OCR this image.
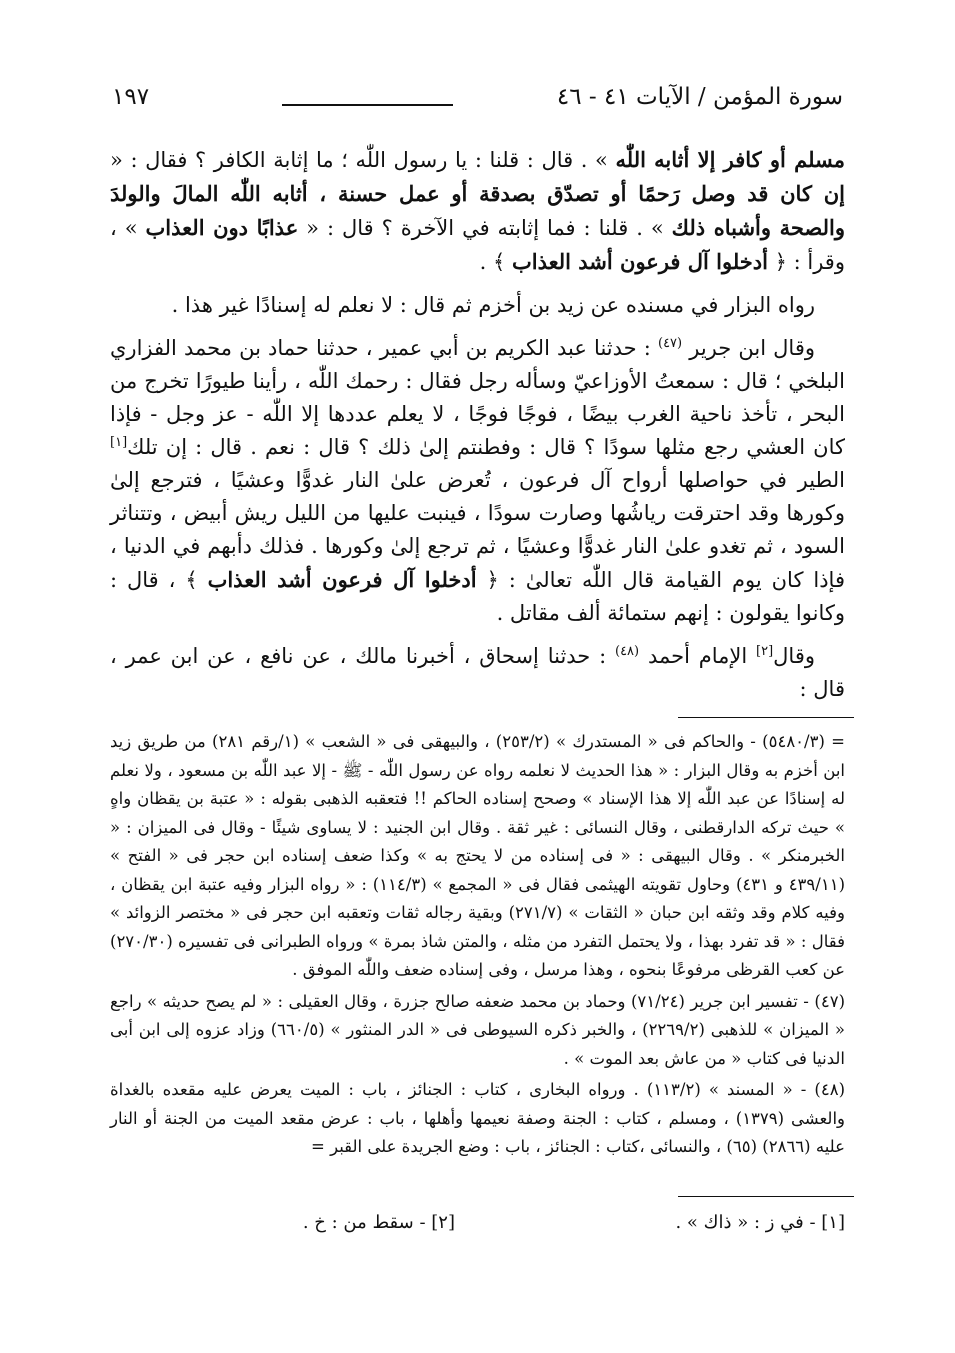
سورة المؤمن / الآيات ٤١ - ٤٦
١٩٧

مسلم أو كافر إلا أثابه اللّٰه » . قال : قلنا : يا رسول اللّٰه ؛ ما إثابة الكافر ؟ فقال : « إن كان قد وصل رَحمًا أو تصدّق بصدقة أو عمل حسنة ، أثابه اللّٰه المالَ والولدَ والصحة وأشباه ذلك » . قلنا : فما إثابته في الآخرة ؟ قال : « عذابًا دون العذاب » ، وقرأ : ﴿ أدخلوا آل فرعون أشد العذاب ﴾ .

رواه البزار في مسنده عن زيد بن أخزم ثم قال : لا نعلم له إسنادًا غير هذا .

وقال ابن جرير $^{(٤٧)}$ : حدثنا عبد الكريم بن أبي عمير ، حدثنا حماد بن محمد الفزاري البلخي ؛ قال : سمعتُ الأوزاعيّ وسأله رجل فقال : رحمك اللّٰه ، رأينا طيورًا تخرج من البحر ، تأخذ ناحية الغرب بيضًا ، فوجًا فوجًا ، لا يعلم عددها إلا اللّٰه - عز وجل - فإذا كان العشي رجع مثلها سودًا ؟ قال : وفطنتم إلىٰ ذلك ؟ قال : نعم . قال : إن تلك[١] الطير في حواصلها أرواح آل فرعون ، تُعرض علىٰ النار غدوًّا وعشيًا ، فترجع إلىٰ وكورها وقد احترقت رياشُها وصارت سودًا ، فينبت عليها من الليل ريش أبيض ، وتتناثر السود ، ثم تغدو علىٰ النار غدوًّا وعشيًا ، ثم ترجع إلىٰ وكورها . فذلك دأبهم في الدنيا ، فإذا كان يوم القيامة قال اللّٰه تعالىٰ : ﴿ أدخلوا آل فرعون أشد العذاب ﴾ ، قال : وكانوا يقولون : إنهم ستمائة ألف مقاتل .

وقال[٢] الإمام أحمد $^{(٤٨)}$ : حدثنا إسحاق ، أخبرنا مالك ، عن نافع ، عن ابن عمر ، قال :

= (٥٤٨٠/٣) - والحاكم فى « المستدرك » (٢٥٣/٢) ، والبيهقى فى « الشعب » (١/رقم ٢٨١) من طريق زيد ابن أخزم به وقال البزار : « هذا الحديث لا نعلمه رواه عن رسول اللّٰه - ﷺ - إلا عبد اللّٰه بن مسعود ، ولا نعلم له إسنادًا عن عبد اللّٰه إلا هذا الإسناد » وصحح إسناده الحاكم !! فتعقبه الذهبى بقوله : « عتبة بن يقظان واهٍ » حيث تركه الدارقطنى ، وقال النسائى : غير ثقة . وقال ابن الجنيد : لا يساوى شيئًا - وقال فى الميزان : « الخبرمنكر » . وقال البيهقى : « فى إسناده من لا يحتج به » وكذا ضعف إسناده ابن حجر فى « الفتح » (٤٣٩/١١ و ٤٣١) وحاول تقويته الهيثمى فقال فى « المجمع » (١١٤/٣) : « رواه البزار وفيه عتبة ابن يقظان ، وفيه كلام وقد وثقه ابن حبان « الثقات » (٢٧١/٧) وبقية رجاله ثقات وتعقبه ابن حجر فى « مختصر الزوائد » فقال : « قد تفرد بهذا ، ولا يحتمل التفرد من مثله ، والمتن شاذ بمرة » ورواه الطبرانى فى تفسيره (٢٧٠/٣٠) عن كعب القرظى مرفوعًا بنحوه ، وهذا مرسل ، وفى إسناده ضعف واللّٰه الموفق .

(٤٧) - تفسير ابن جرير (٧١/٢٤) وحماد بن محمد ضعفه صالح جزرة ، وقال العقيلى : « لم يصح حديثه » راجع « الميزان » للذهبى (٢٢٦٩/٢) ، والخبر ذكره السيوطى فى « الدر المنثور » (٦٦٠/٥) وزاد عزوه إلى ابن أبى الدنيا فى كتاب « من عاش بعد الموت » .

(٤٨) - « المسند » (١١٣/٢) . ورواه البخارى ، كتاب : الجنائز ، باب : الميت يعرض عليه مقعده بالغداة والعشى (١٣٧٩) ، ومسلم ، كتاب : الجنة وصفة نعيمها وأهلها ، باب : عرض مقعد الميت من الجنة أو النار عليه (٢٨٦٦) (٦٥) ، والنسائى ،كتاب : الجنائز ، باب : وضع الجريدة على القبر =

[١] - في ز : « ذاك » .
[٢] - سقط من : خ .
